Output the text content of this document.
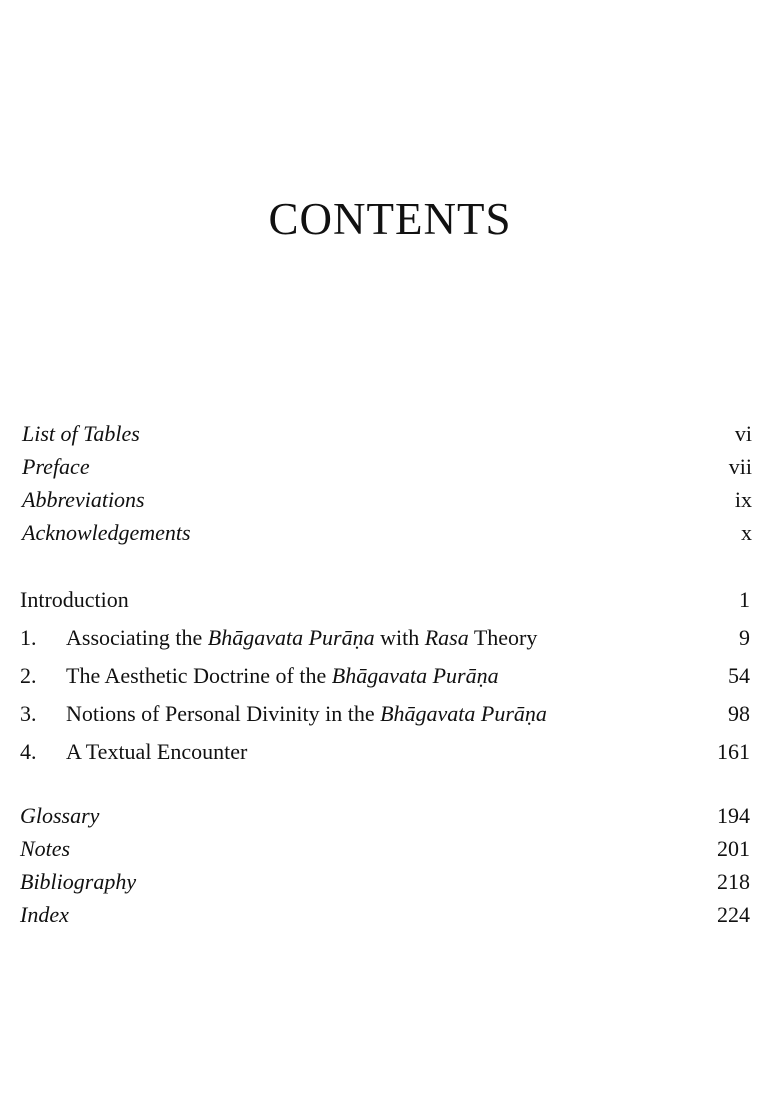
CONTENTS
List of Tables	vi
Preface	vii
Abbreviations	ix
Acknowledgements	x
Introduction	1
1.	Associating the Bhāgavata Purāṇa with Rasa Theory	9
2.	The Aesthetic Doctrine of the Bhāgavata Purāṇa	54
3.	Notions of Personal Divinity in the Bhāgavata Purāṇa	98
4.	A Textual Encounter	161
Glossary	194
Notes	201
Bibliography	218
Index	224
